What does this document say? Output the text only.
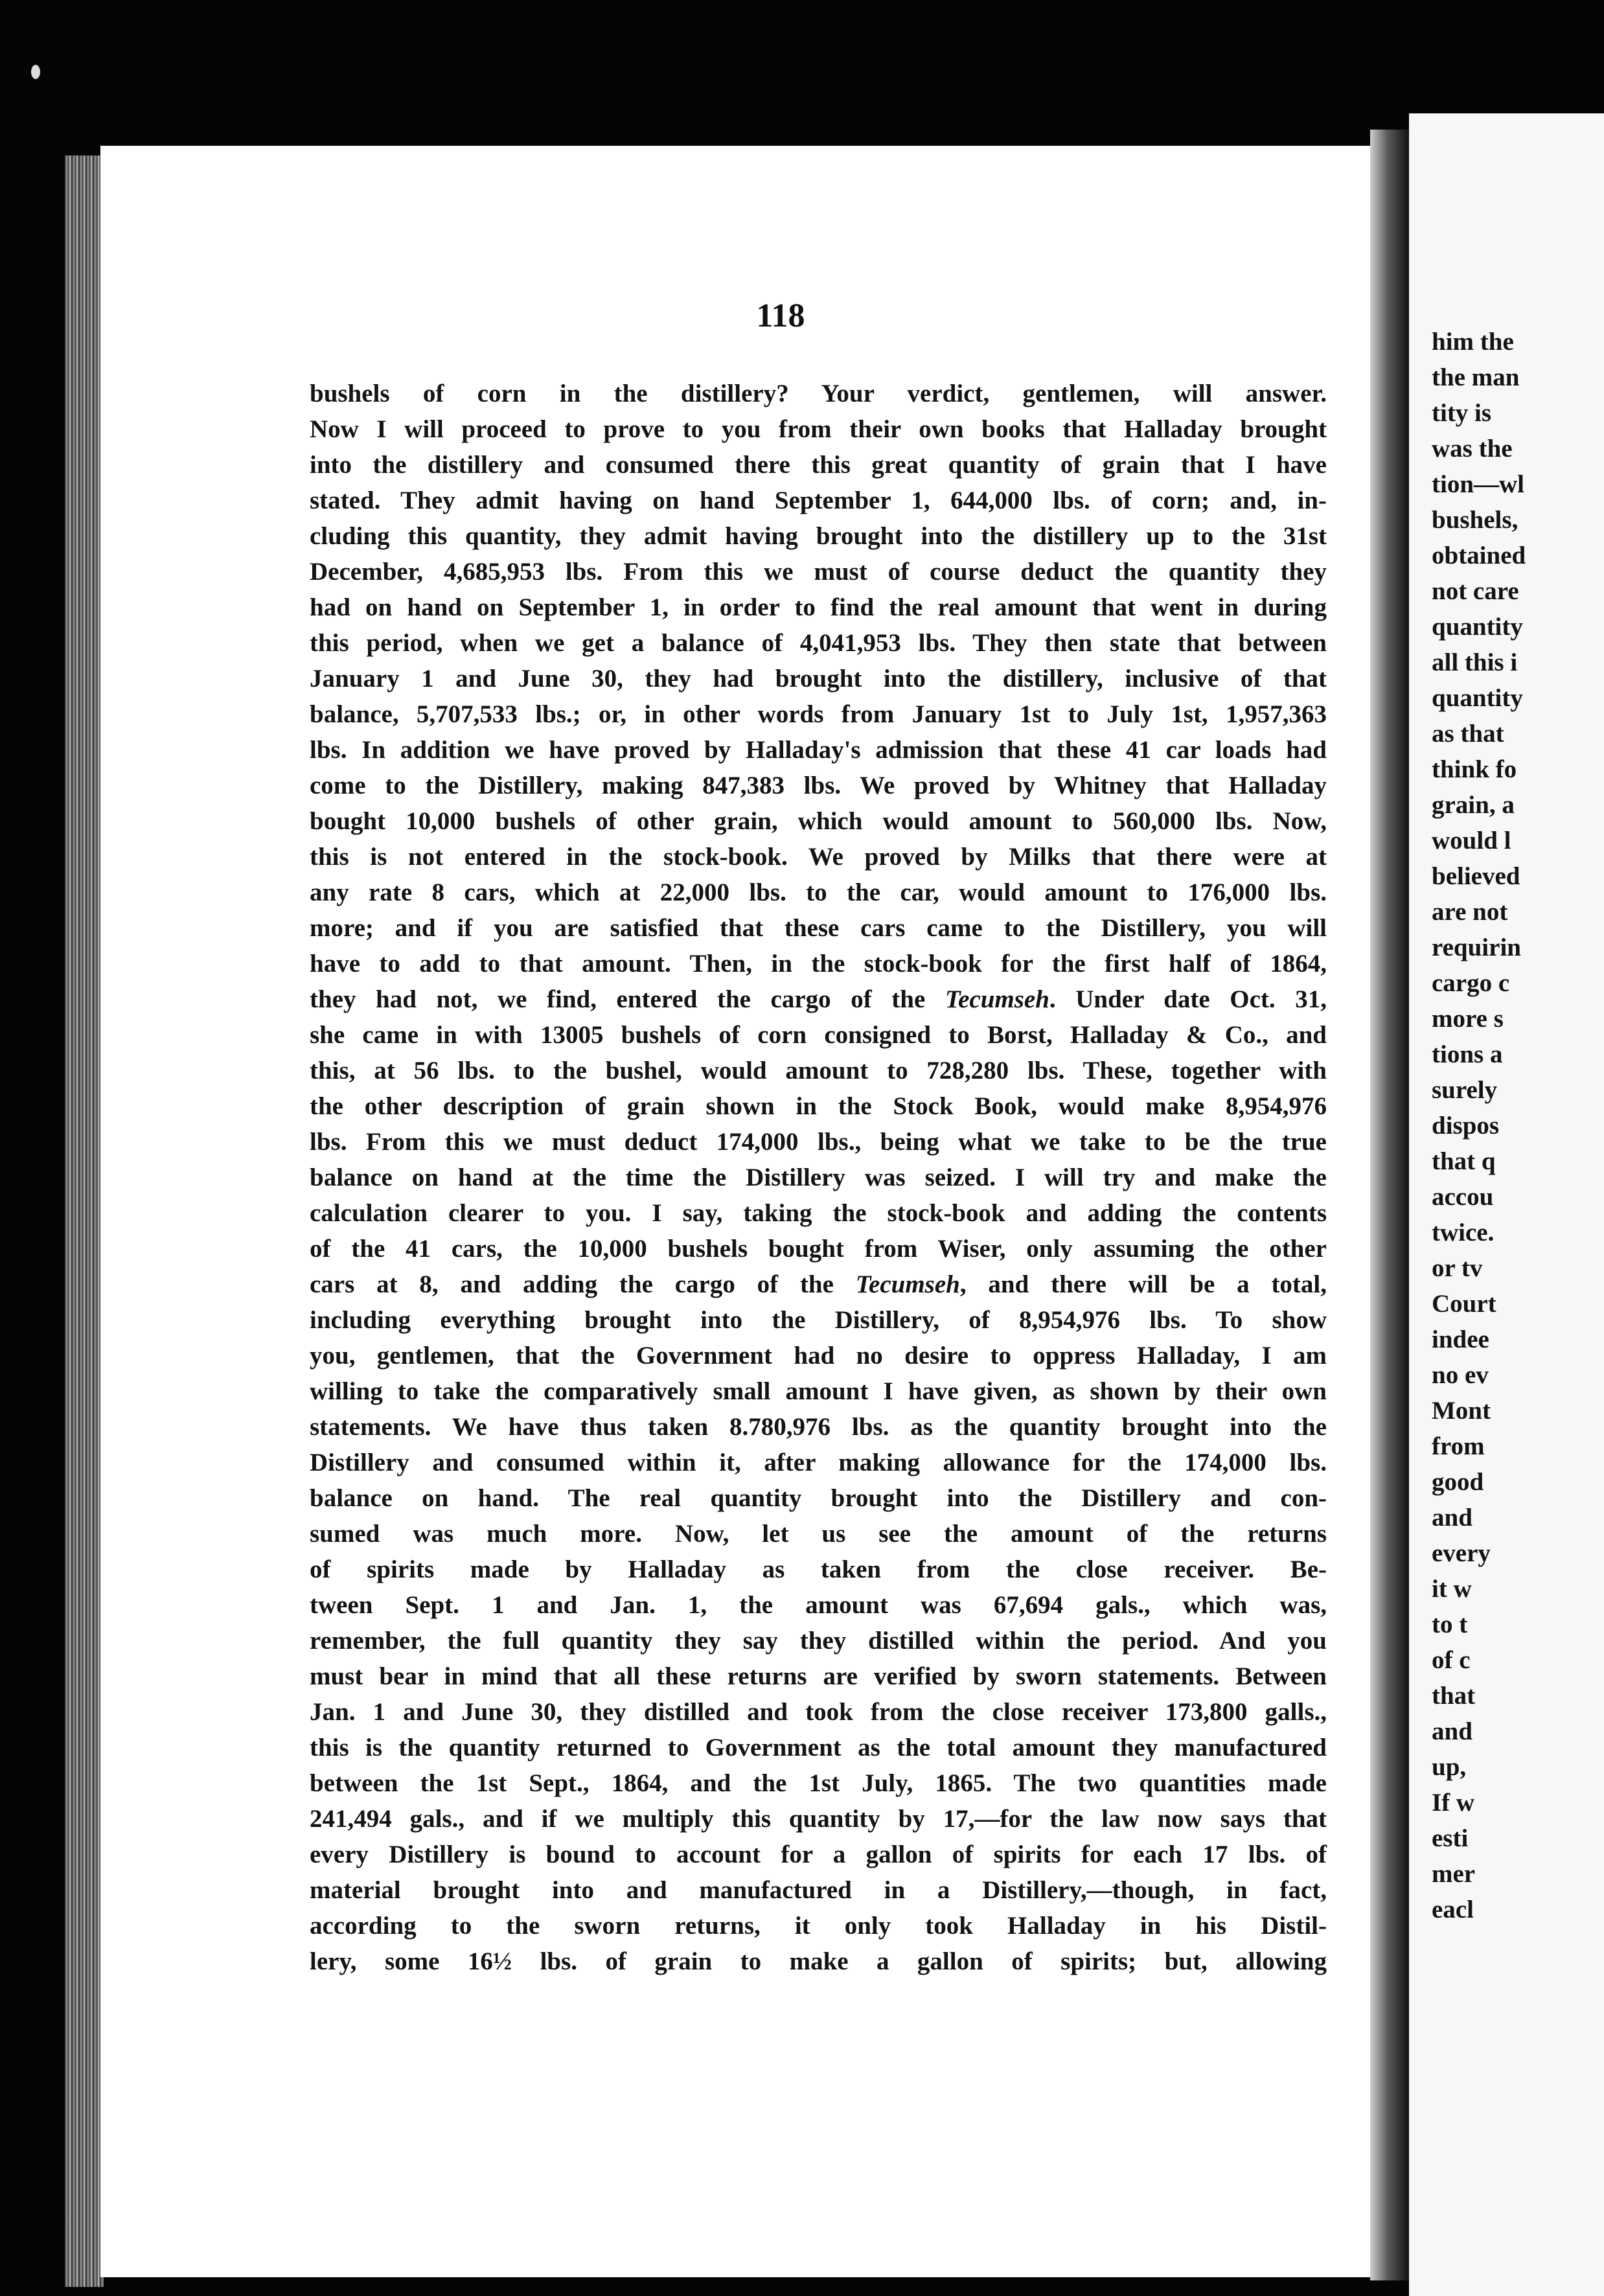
him the
the man
tity is
was the
tion—wl
bushels,
obtained
not care
quantity
all this i
quantity
as that
think fo
grain, a
would l
believed
are not
requirin
cargo c
more s
tions a
surely
dispos
that q
accou
twice.
or tv
Court
indee
no ev
Mont
from
good
and
every
it w
to t
of c
that
and
up,
If w
esti
mer
eacl
118
bushels of corn in the distillery? Your verdict, gentlemen, will answer.
Now I will proceed to prove to you from their own books that Halladay brought
into the distillery and consumed there this great quantity of grain that I have
stated. They admit having on hand September 1, 644,000 lbs. of corn; and, in-
cluding this quantity, they admit having brought into the distillery up to the 31st
December, 4,685,953 lbs. From this we must of course deduct the quantity they
had on hand on September 1, in order to find the real amount that went in during
this period, when we get a balance of 4,041,953 lbs. They then state that between
January 1 and June 30, they had brought into the distillery, inclusive of that
balance, 5,707,533 lbs.; or, in other words from January 1st to July 1st, 1,957,363
lbs. In addition we have proved by Halladay's admission that these 41 car loads had
come to the Distillery, making 847,383 lbs. We proved by Whitney that Halladay
bought 10,000 bushels of other grain, which would amount to 560,000 lbs. Now,
this is not entered in the stock-book. We proved by Milks that there were at
any rate 8 cars, which at 22,000 lbs. to the car, would amount to 176,000 lbs.
more; and if you are satisfied that these cars came to the Distillery, you will
have to add to that amount. Then, in the stock-book for the first half of 1864,
they had not, we find, entered the cargo of the Tecumseh. Under date Oct. 31,
she came in with 13005 bushels of corn consigned to Borst, Halladay & Co., and
this, at 56 lbs. to the bushel, would amount to 728,280 lbs. These, together with
the other description of grain shown in the Stock Book, would make 8,954,976
lbs. From this we must deduct 174,000 lbs., being what we take to be the true
balance on hand at the time the Distillery was seized. I will try and make the
calculation clearer to you. I say, taking the stock-book and adding the contents
of the 41 cars, the 10,000 bushels bought from Wiser, only assuming the other
cars at 8, and adding the cargo of the Tecumseh, and there will be a total,
including everything brought into the Distillery, of 8,954,976 lbs. To show
you, gentlemen, that the Government had no desire to oppress Halladay, I am
willing to take the comparatively small amount I have given, as shown by their own
statements. We have thus taken 8.780,976 lbs. as the quantity brought into the
Distillery and consumed within it, after making allowance for the 174,000 lbs.
balance on hand. The real quantity brought into the Distillery and con-
sumed was much more. Now, let us see the amount of the returns
of spirits made by Halladay as taken from the close receiver. Be-
tween Sept. 1 and Jan. 1, the amount was 67,694 gals., which was,
remember, the full quantity they say they distilled within the period. And you
must bear in mind that all these returns are verified by sworn statements. Between
Jan. 1 and June 30, they distilled and took from the close receiver 173,800 galls.,
this is the quantity returned to Government as the total amount they manufactured
between the 1st Sept., 1864, and the 1st July, 1865. The two quantities made
241,494 gals., and if we multiply this quantity by 17,—for the law now says that
every Distillery is bound to account for a gallon of spirits for each 17 lbs. of
material brought into and manufactured in a Distillery,—though, in fact,
according to the sworn returns, it only took Halladay in his Distil-
lery, some 16½ lbs. of grain to make a gallon of spirits; but, allowing
